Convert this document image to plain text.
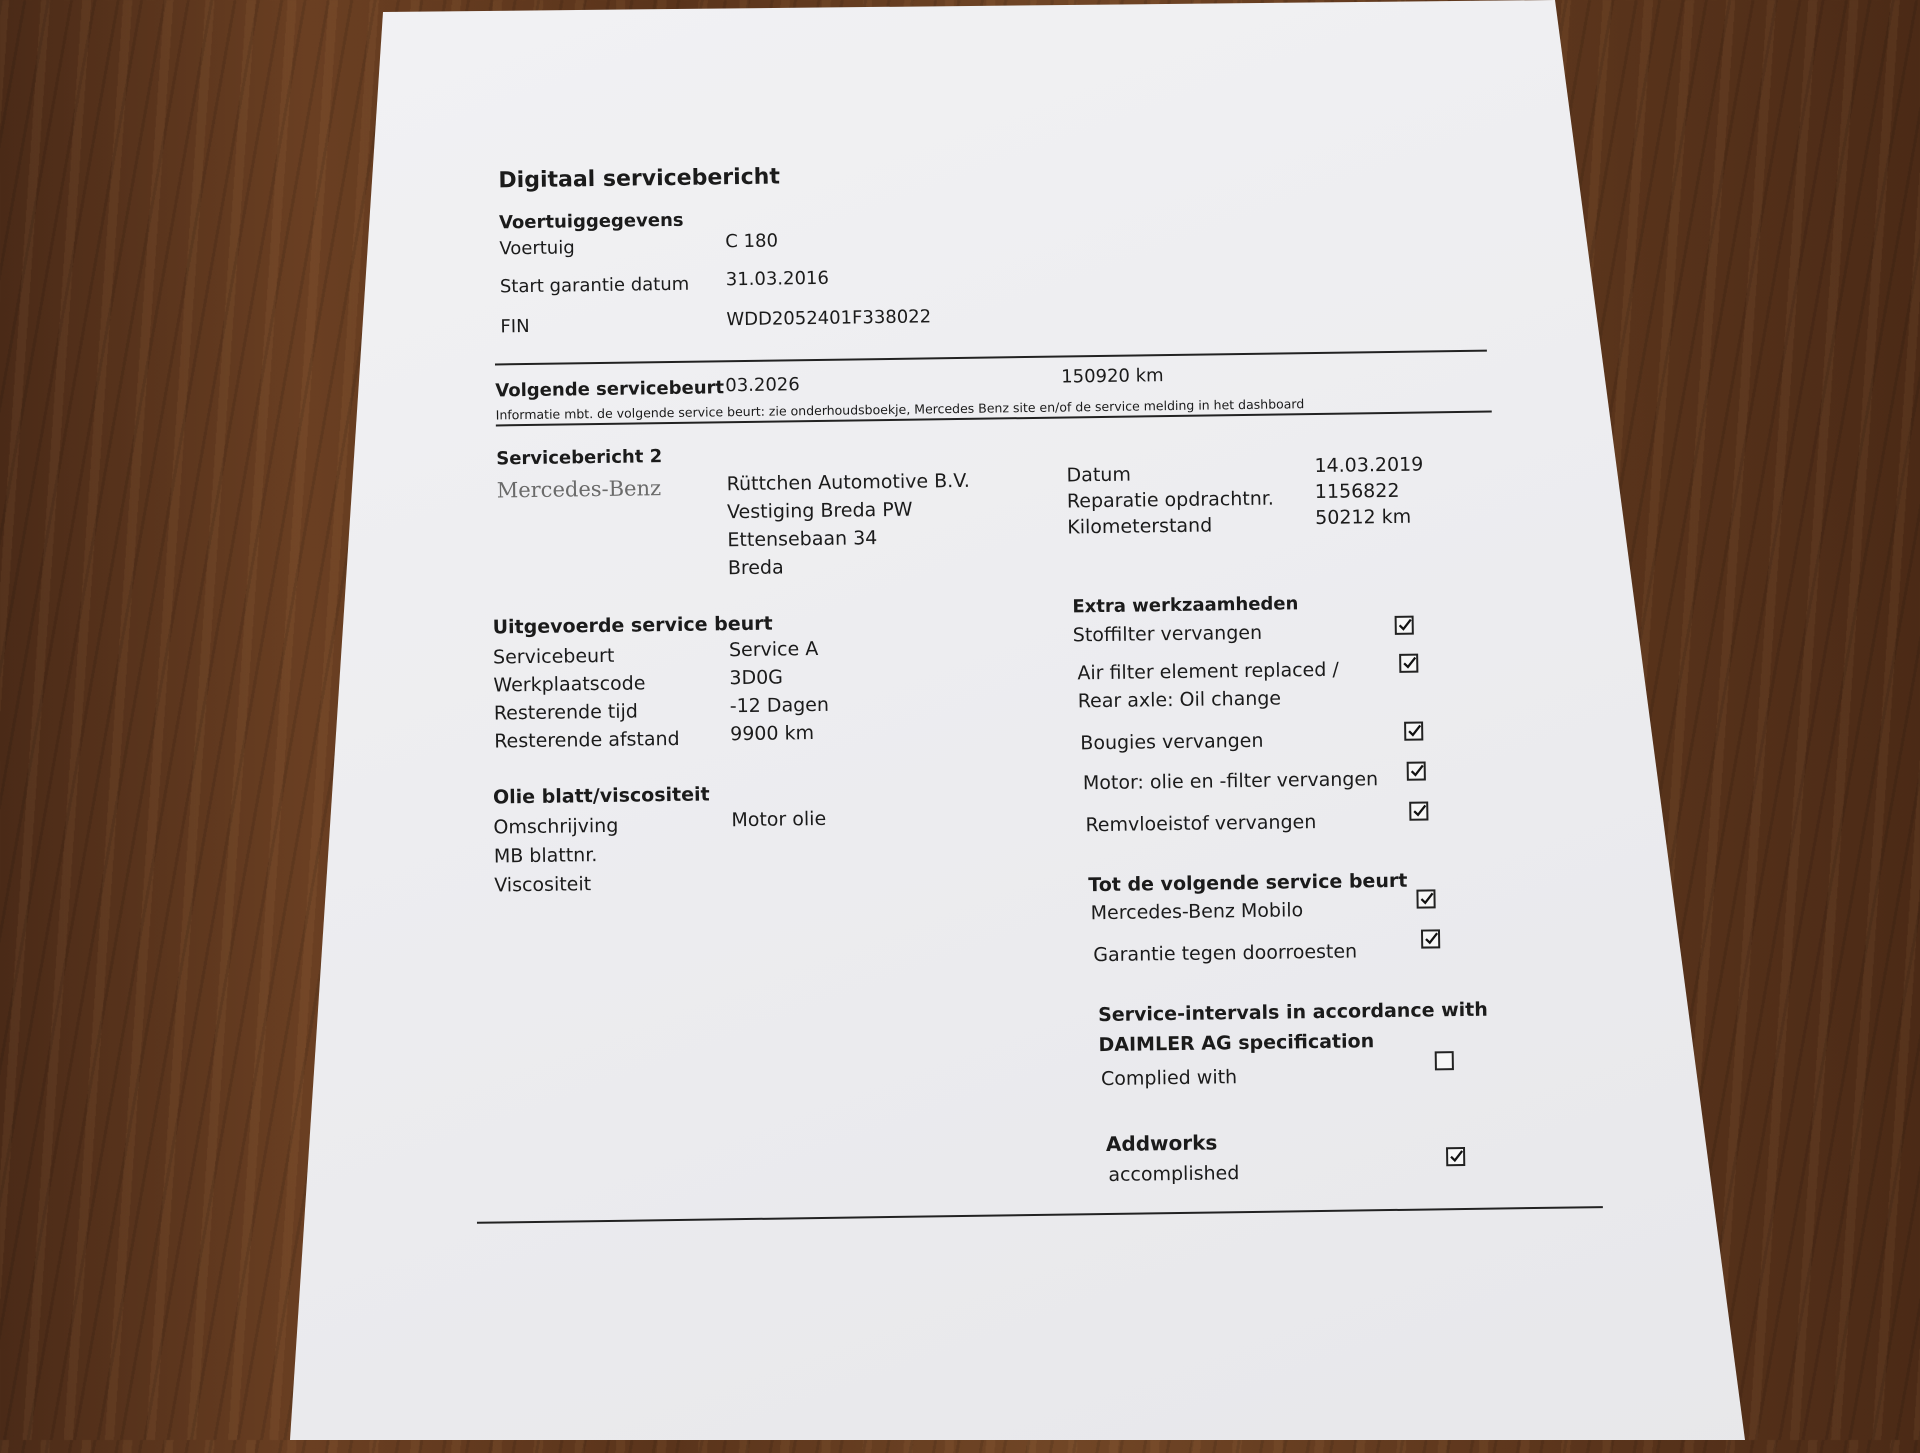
Digitaal servicebericht
Voertuiggegevens
Voertuig	C 180
Start garantie datum 31.03.2016
FIN	WDD2052401F338022
Volgende servicebeurt 03.2026	150920 km
Informatie mbt. de volgende service beurt: zie onderhoudsboekje, Mercedes Benz site en/of de service melding in het dashboard
Servicebericht 2
Mercedes-Benz	Rüttchen Automotive B.V.
Vestiging Breda PW
Ettensebaan 34
Breda
Datum	14.03.2019
Reparatie opdrachtnr. 1156822
Kilometerstand	50212 km
Uitgevoerde service beurt
Servicebeurt	Service A
Werkplaatscode	3D0G
Resterende tijd	-12 Dagen
Resterende afstand	9900 km
Olie blatt/viscositeit
Omschrijving	Motor olie
MB blattnr.
Viscositeit
Extra werkzaamheden
Stoffilter vervangen
Air filter element replaced /
Rear axle: Oil change
Bougies vervangen
Motor: olie en -filter vervangen
Remvloeistof vervangen
Tot de volgende service beurt
Mercedes-Benz Mobilo
Garantie tegen doorroesten
Service-intervals in accordance with
DAIMLER AG specification
Complied with
Addworks
accomplished
